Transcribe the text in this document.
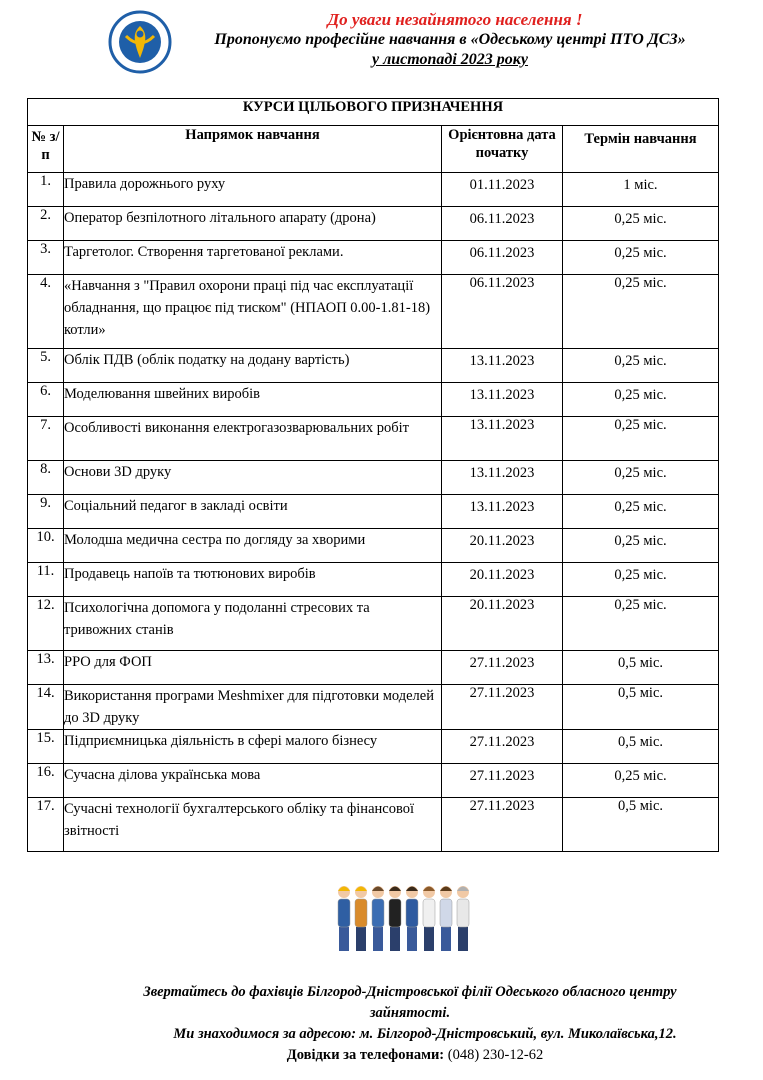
До уваги незайнятого населення !
Пропонуємо професійне навчання в «Одеському центрі ПТО ДСЗ»
у листопаді 2023 року
КУРСИ ЦІЛЬОВОГО ПРИЗНАЧЕННЯ			
№ з/п	Напрямок навчання	Орієнтовна дата початку	Термін навчання
1.	Правила дорожнього руху	01.11.2023	1 міс.
2.	Оператор безпілотного літального апарату (дрона)	06.11.2023	0,25 міс.
3.	Таргетолог. Створення таргетованої реклами.	06.11.2023	0,25 міс.
4.	«Навчання з "Правил охорони праці під час експлуатації обладнання, що працює під тиском" (НПАОП 0.00-1.81-18) котли»	06.11.2023	0,25 міс.
5.	Облік ПДВ (облік податку на додану вартість)	13.11.2023	0,25 міс.
6.	Моделювання швейних виробів	13.11.2023	0,25 міс.
7.	Особливості виконання електрогазозварювальних робіт	13.11.2023	0,25 міс.
8.	Основи 3D друку	13.11.2023	0,25 міс.
9.	Соціальний педагог в закладі освіти	13.11.2023	0,25 міс.
10.	Молодша медична сестра по догляду за хворими	20.11.2023	0,25 міс.
11.	Продавець напоїв та тютюнових виробів	20.11.2023	0,25 міс.
12.	Психологічна допомога у подоланні стресових та тривожних станів	20.11.2023	0,25 міс.
13.	РРО для ФОП	27.11.2023	0,5 міс.
14.	Використання програми Meshmixer для підготовки моделей до 3D друку	27.11.2023	0,5 міс.
15.	Підприємницька діяльність в сфері малого бізнесу	27.11.2023	0,5 міс.
16.	Сучасна ділова українська мова	27.11.2023	0,25 міс.
17.	Сучасні технології бухгалтерського обліку та фінансової звітності	27.11.2023	0,5 міс.
Звертайтесь до фахівців Білгород-Дністровської філії Одеського обласного центру зайнятості.
Ми знаходимося за адресою: м. Білгород-Дністровський, вул. Миколаївська,12.
Довідки за телефонами: (048) 230-12-62
